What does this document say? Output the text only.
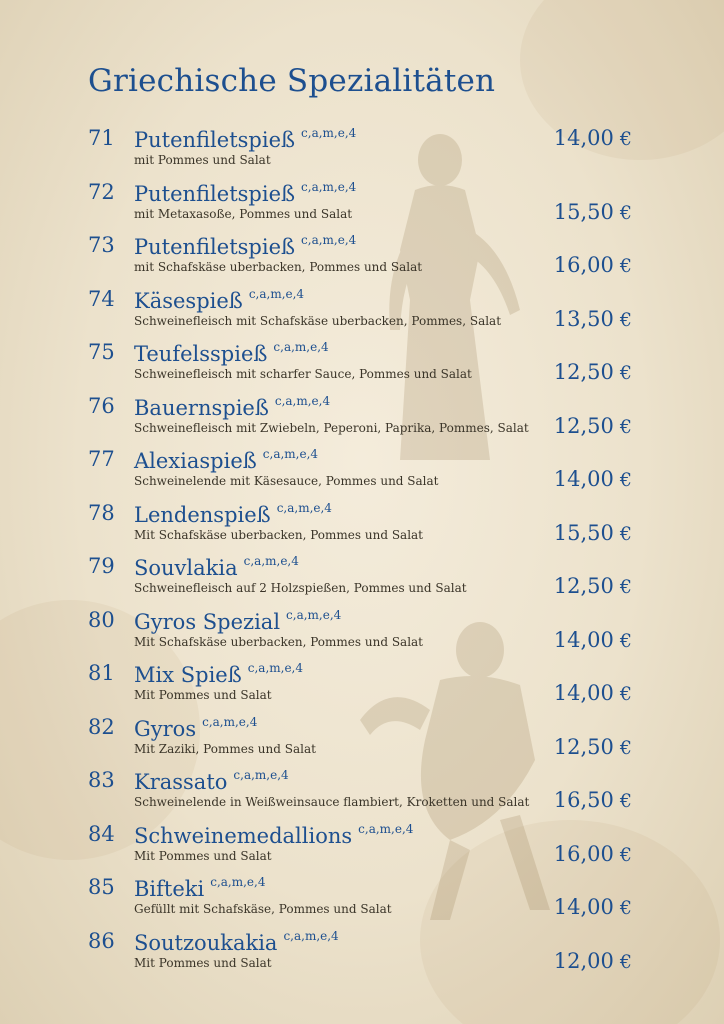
Griechische Spezialitäten
71 Putenfiletspieß $^{c,a,m,e,4}$
mit Pommes und Salat
14,00 €
72 Putenfiletspieß $^{c,a,m,e,4}$
mit Metaxasoße, Pommes und Salat	15,50 €
73 Putenfiletspieß $^{c,a,m,e,4}$
mit Schafskäse uberbacken, Pommes und Salat	16,00 €
74 Käsespieß $^{c,a,m,e,4}$
Schweinefleisch mit Schafskäse uberbacken, Pommes, Salat	13,50 €
75 Teufelsspieß $^{c,a,m,e,4}$
Schweinefleisch mit scharfer Sauce, Pommes und Salat	12,50 €
76 Bauernspieß $^{c,a,m,e,4}$
Schweinefleisch mit Zwiebeln, Peperoni, Paprika, Pommes, Salat 12,50 €
77 Alexiaspieß $^{c,a,m,e,4}$
Schweinelende mit Käsesauce, Pommes und Salat	14,00 €
78 Lendenspieß $^{c,a,m,e,4}$
Mit Schafskäse uberbacken, Pommes und Salat	15,50 €
79 Souvlakia $^{c,a,m,e,4}$
Schweinefleisch auf 2 Holzspießen, Pommes und Salat	12,50 €
80 Gyros Spezial $^{c,a,m,e,4}$
Mit Schafskäse uberbacken, Pommes und Salat	14,00 €
81 Mix Spieß $^{c,a,m,e,4}$
Mit Pommes und Salat	14,00 €
82 Gyros $^{c,a,m,e,4}$
Mit Zaziki, Pommes und Salat	12,50 €
83 Krassato $^{c,a,m,e,4}$
Schweinelende in Weißweinsauce flambiert, Kroketten und Salat 16,50 €
84 Schweinemedallions $^{c,a,m,e,4}$
Mit Pommes und Salat	16,00 €
85 Bifteki $^{c,a,m,e,4}$
Gefüllt mit Schafskäse, Pommes und Salat	14,00 €
86 Soutzoukakia $^{c,a,m,e,4}$
Mit Pommes und Salat	12,00 €
